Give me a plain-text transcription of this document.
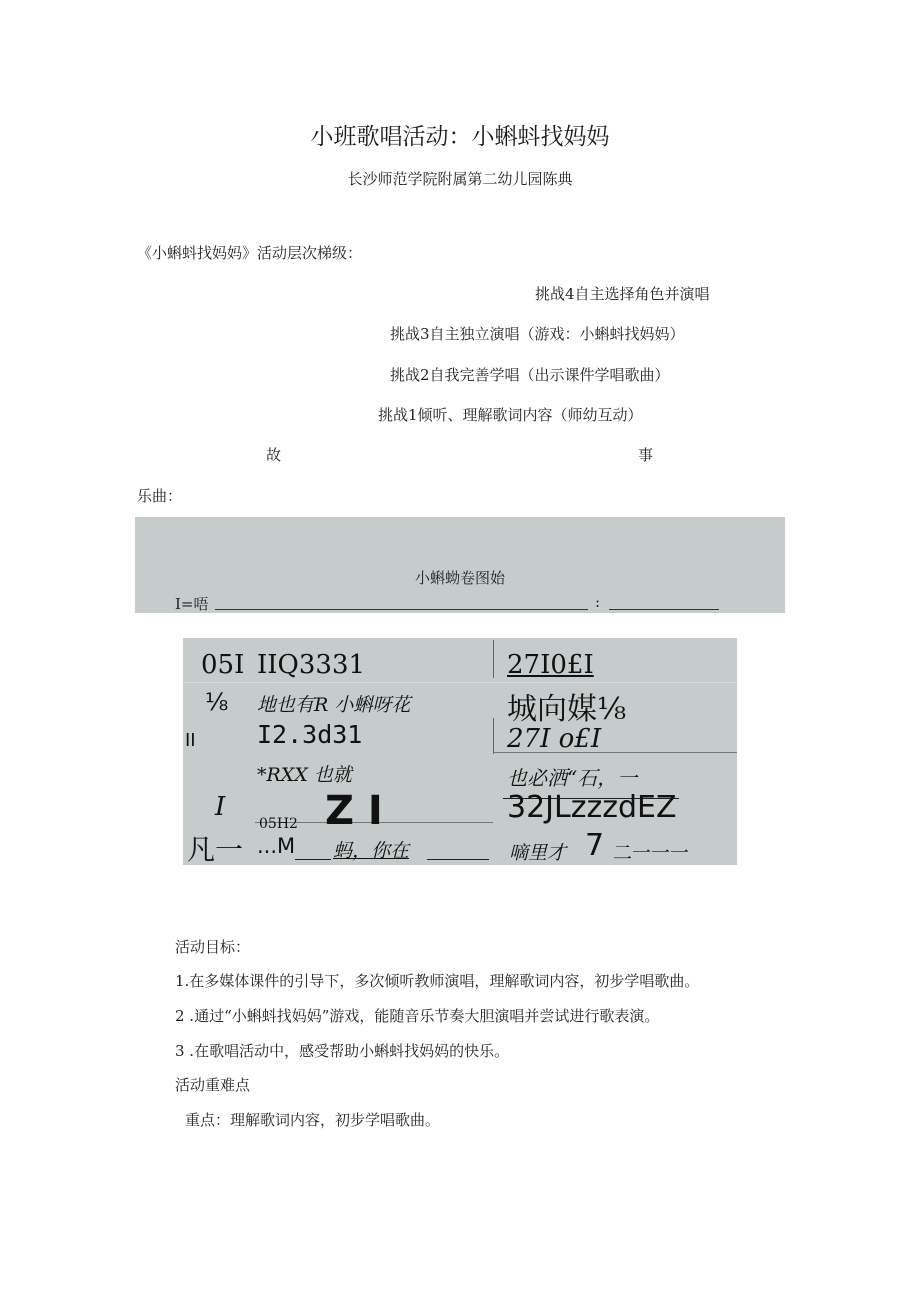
小班歌唱活动：小蝌蚪找妈妈
长沙师范学院附属第二幼儿园陈典
《小蝌蚪找妈妈》活动层次梯级：
挑战4自主选择角色并演唱
挑战3自主独立演唱（游戏：小蝌蚪找妈妈）
挑战2自我完善学唱（出示课件学唱歌曲）
挑战1倾听、理解歌词内容（师幼互动）
故	事
乐曲：
小蝌蚴卷图始
I=唔	:
05I IIQ3331	27I0£I
⅛ 地也有R 小蝌呀花	城向媒⅛
II I2.3d31	27I o£I
*RXX 也就	也必洒“石，一
I
05H2 Z I	32JLzzzdEZ
凡一 ...M 蚂，你在	嘀里才 7 二一一一
活动目标：
1.在多媒体课件的引导下，多次倾听教师演唱，理解歌词内容，初步学唱歌曲。
2 .通过“小蝌蚪找妈妈”游戏，能随音乐节奏大胆演唱并尝试进行歌表演。
3 .在歌唱活动中，感受帮助小蝌蚪找妈妈的快乐。
活动重难点
重点：理解歌词内容，初步学唱歌曲。
